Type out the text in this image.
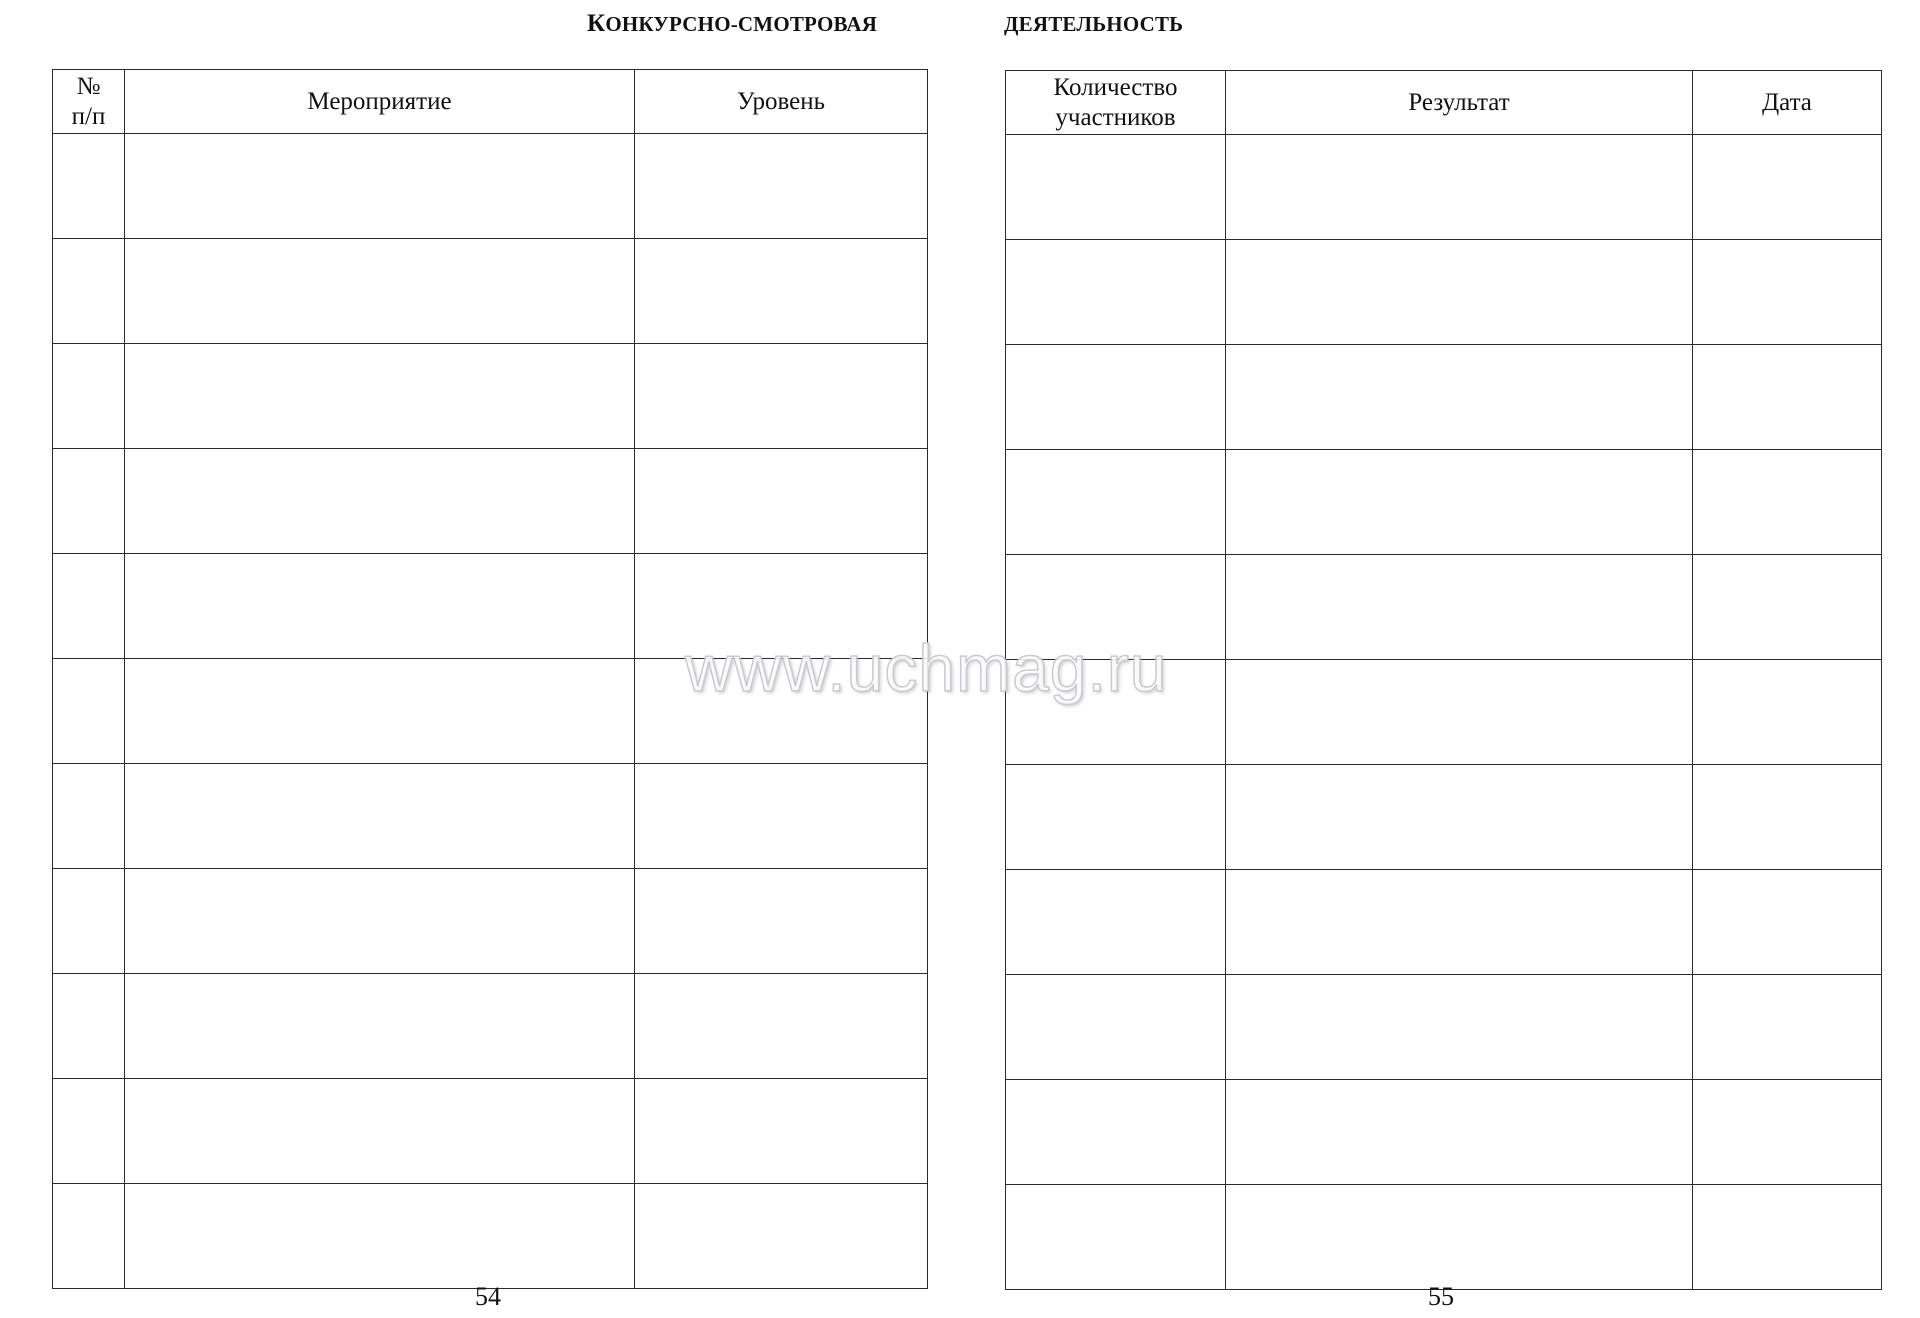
КОНКУРСНО-СМОТРОВАЯ	ДЕЯТЕЛЬНОСТЬ
№
п/п	Мероприятие	Уровень

Количество
участников	Результат	Дата

54	55
www.uchmag.ru
